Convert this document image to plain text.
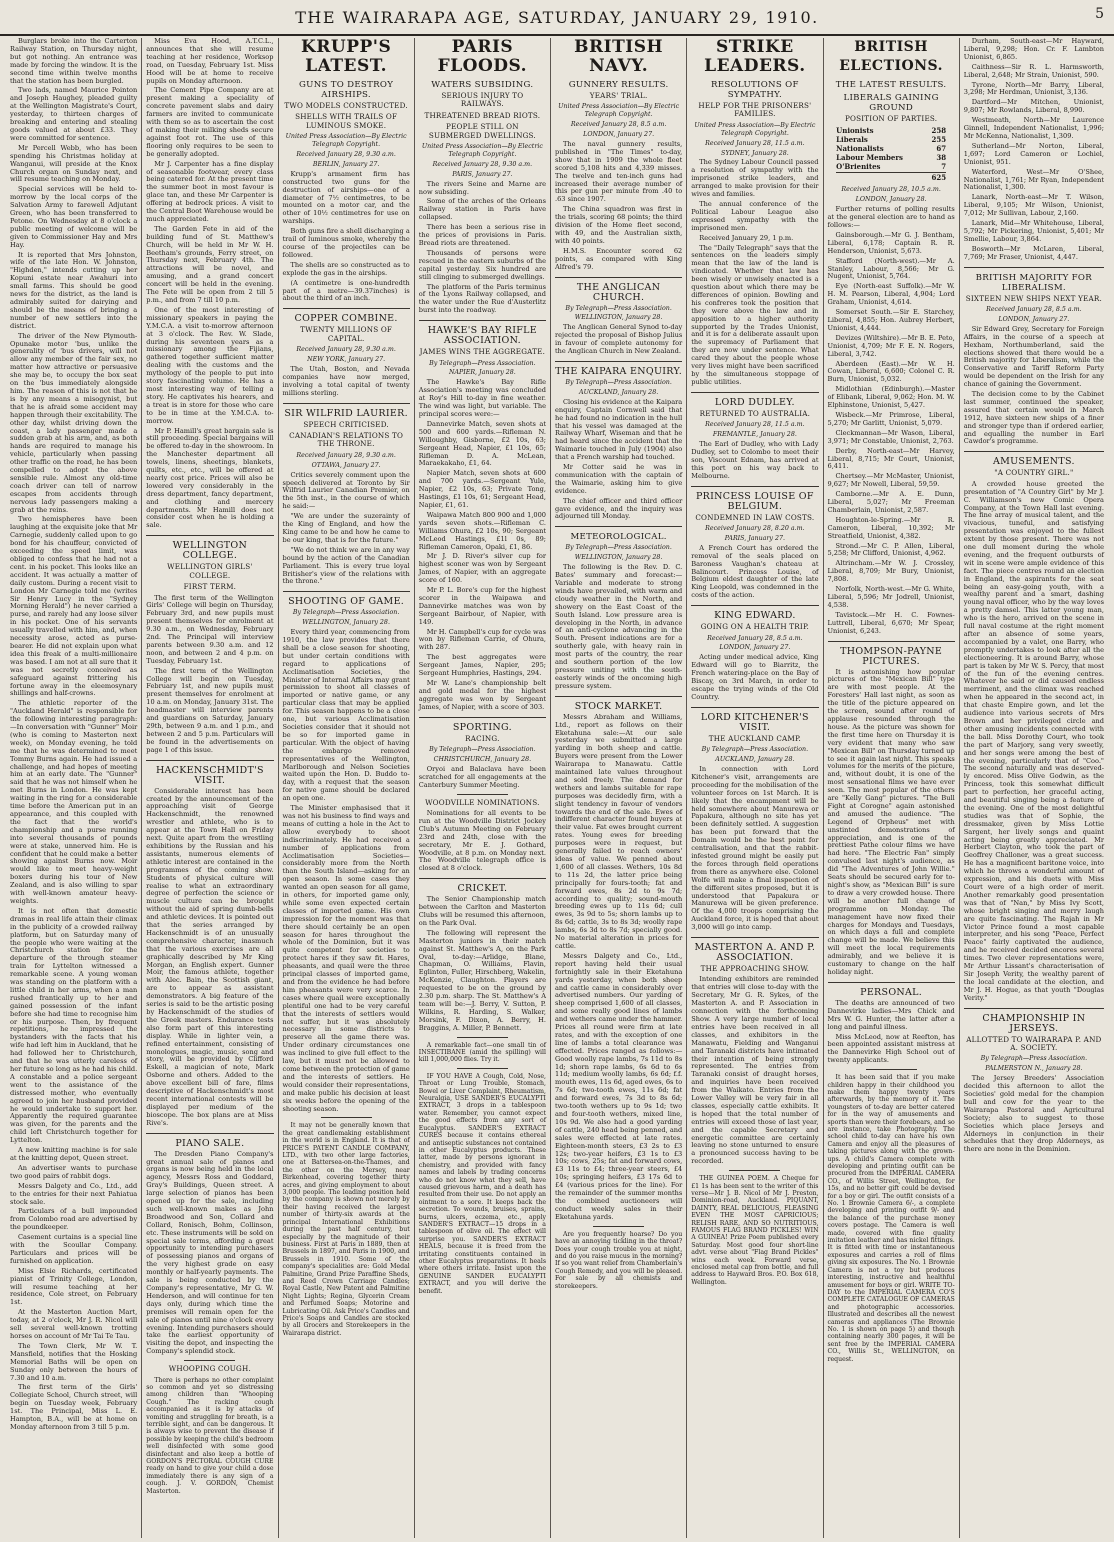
THE WAIRARAPA AGE, SATURDAY, JANUARY 29, 1910.	5

Burglars broke into the Carterton Railway Station, on Thursday night, but got nothing. An entrance was made by forcing the window. It is the second time within twelve months that the station has been burgled.

Two lads, named Maurice Pointon and Joseph Haughey, pleaded guilty at the Wellington Magistrate's Court, yesterday, to thirteen charges of breaking and entering and stealing goods valued at about £33. They were committed for sentence.

Mr Percell Webb, who has been spending his Christmas holiday at Wanganui, will preside at the Knox Church organ on Sunday next, and will resume teaching on Monday.

Special services will be held to-morrow by the local corps of the Salvation Army to farewell Adjutant Green, who has been transferred to Petone. On Wednesday at 8 o'clock a public meeting of welcome will be given to Commissioner Hay and Mrs Hay.

It is reported that Mrs Johnston, wife of the late Hon. W. Johnston, "Highden," intends cutting up her Kopuni estate near Awahuri into small farms. This should be good news for the district, as the land is admirably suited for dairying and should be the means of bringing a number of new settlers into the district.

The driver of the New Plymouth-Opunake motor 'bus, unlike the generality of 'bus drivers, will not allow any member of the fair sex, no matter how attractive or persuasive she may be, to occupy the box seat on the 'bus immediately alongside him. The reason of this is not that he is by any means a misogynist, but that he is afraid some accident may happen through their excitability. The other day, whilst driving down the coast, a lady passenger made a sudden grab at his arm, and, as both hands are required to manage his vehicle, particularly when passing other traffic on the road, he has been compelled to adopt the above sensible rule. Almost any old-time coach driver can tell of narrow escapes from accidents through nervous lady passengers making a grab at the reins.

Two hemispheres have been laughing at the exquisite joke that Mr Carnegie, suddenly called upon to go bond for his chauffeur, convicted of exceeding the speed limit, was obliged to confess that he had not a cent. in his pocket. This looks like an accident. It was actually a matter of daily custom. During a recent visit to London Mr Carnegie told me (writes Sir Henry Lucy in the "Sydney Morning Herald") he never carried a purse, and rarely had any loose silver in his pocket. One of his servants usually travelled with him, and, when necessity arose, acted as purse-bearer. He did not explain upon what idea this freak of a multi-millionaire was based. I am not at all sure that it was not secretly conceived as safeguard against frittering his fortune away in the eleemosynary shillings and half-crowns.

The athletic reporter of the "Auckland Herald" is responsible for the following interesting paragraph:—In conversation with "Gunner" Moir (who is coming to Masterton next week), on Monday evening, he told me that he was determined to meet Tommy Burns again. He had issued a challenge, and had hopes of meeting him at an early date. The "Gunner" said that he was not himself when he met Burns in London. He was kept waiting in the ring for a considerable time before the American put in an appearance, and this coupled with the fact that the world's championship and a purse running into several thousands of pounds were at stake, unnerved him. He is confident that he could make a better showing against Burns now. Moir would like to meet heavy-weight boxers during his tour of New Zealand, and is also willing to spar with well-known amateur heavy-weights.

It is not often that domestic dramas in real life attain their climax in the publicity of a crowded railway platform, but on Saturday many of the people who were waiting at the Christchurch station for the departure of the through steamer train for Lyttelton witnessed a remarkable scene. A young woman was standing on the platform with a little child in her arms, when a man rushed frantically up to her and gained possession of the infant before she had time to recognise him or his purpose. Then, by frequent repetitions, he impressed the bystanders with the facts that his wife had left him in Auckland, that he had followed her to Christchurch, and that he was utterly careless of her future so long as he had his child. A constable and a police sergeant went to the assistance of the distressed mother, who eventually agreed to join her husband provided he would undertake to support her. Apparently the required guarantee was given, for the parents and the child left Christchurch together for Lyttelton.

A new knitting machine is for sale at the knitting depot, Queen street.

An advertiser wants to purchase two good pairs of rabbit dogs.

Messrs Dalgety and Co., Ltd., add to the entries for their next Pahiatua stock sale.

Particulars of a bull impounded from Colombo road are advertised by the poundkeeper.

Casement curtains is a special line with the Scoullar Company. Particulars and prices will be furnished on application.

Miss Elsie Richards, certificated pianist of Trinity College, London, will resume teaching at her residence, Cole street, on February 1st.

At the Masterton Auction Mart, today, at 2 o'clock, Mr J. R. Nicol will sell several well-known trotting horses on account of Mr Tai Te Tau.

The Town Clerk, Mr W. T. Mansfield, notifies that the Hosking Memorial Baths will be open on Sunday only between the hours of 7.30 and 10 a.m.

The first term of the Girls' Collegiate School, Church street, will begin on Tuesday week, February 1st. The Principal, Miss L. E. Hampton, B.A., will be at home on Monday afternoon from 3 till 5 p.m.

Miss Eva Hood, A.T.C.L., announces that she will resume teaching at her residence, Worksop road, on Tuesday, February 1st. Miss Hood will be at home to receive pupils on Monday afternoon.

The Cement Pipe Company are at present making a speciality of concrete pavement slabs and dairy farmers are invited to communicate with them so as to ascertain the cost of making their milking sheds secure against foot rot. The use of this flooring only requires to be seen to be generally adopted.

Mr J. Carpenter has a fine display of seasonable footwear, every class being catered for. At the present time the summer boot in most favour is glace tan, and these Mr Carpenter is offering at bedrock prices. A visit to the Central Boot Warehouse would be much appreciated.

The Garden Fete in aid of the building fund of St. Matthew's Church, will be held in Mr W. H. Beetham's grounds, Ferry street, on Thursday next, February 4th. The attractions will be novel, and amusing, and a grand concert concert will be held in the evening. The Fete will be open from 2 till 5 p.m., and from 7 till 10 p.m.

One of the most interesting of missionary speakers in paying the Y.M.C.A. a visit to-morrow afternoon at 3 o'clock. The Rev. W. Slade, during his seventeen years as a missionary among the Fijians, gathered together sufficient matter dealing with the customs and the mythology of the people to put into story fascinating volume. He has a most interesting way of telling a story. He captivates his hearers, and a treat is in store for those who care to be in time at the Y.M.C.A. to-morrow.

Mr P. Hamill's great bargain sale is still proceeding. Special bargains will be offered to-day in the showroom. In the Manchester department all towels, linens, sheetings, blankets, quilts, etc., etc., will be offered at nearly cost price. Prices will also be lowered very considerably in the dress department, fancy department, and clothing and mercery departments. Mr Hamill does not consider cost when he is holding a sale.

WELLINGTON COLLEGE.
WELLINGTON GIRLS' COLLEGE.
FIRST TERM.

The first term of the Wellington Girls' College will begin on Thursday, February 3rd, and new pupils must present themselves for enrolment at 9.30 a.m., on Wednesday, February 2nd. The Principal will interview parents between 9.30 a.m. and 12 noon, and between 2 and 4 p.m. on Tuesday, February 1st.

The first term of the Wellington College will begin on Tuesday, February 1st, and new pupils must present themselves for enrolment at 10 a.m. on Monday, January 31st. The headmaster will interview parents and guardians on Saturday, January 29th, between 9 a.m. and 1 p.m., and between 2 and 5 p.m. Particulars will be found in the advertisements on page 1 of this issue.

HACKENSCHMIDT'S VISIT.

Considerable interest has been created by the announcement of the approaching visit of George Hackenschmidt, the renowned wrestler and athlete, who is to appear at the Town Hall on Friday next. Quite apart from the wrestling exhibitions by the Russian and his assistants, numerous elements of athletic interest are contained in the programmes of the coming show. Students of physical culture will realise to what an extraordinary degree of perfection the science or muscle culture can be brought without the aid of spring dumb-bells and athletic devices. It is pointed out that the series arranged by Hackenschmidt is of an unusually comprehensive character, inasmuch that the various exercises are all graphically described by Mr King Morgan, an English expert. Gunner Moir, the famous athlete, together with Alec. Bain, the Scottish giant, are to appear as assistant demonstrators. A big feature of the series is said to be the artistic posing by Hackenschmidt of the studies of the Greek masters. Endurance tests also form part of this interesting display. While in lighter vein, a refined entertainment, consisting of monologues, magic, music, song and story, will be provided by Clifford Eskell, a magician of note, Mark Osborne and others. Added to the above excellent bill of fare, films descriptive of Hackenschmidt's most recent international contests will be displayed per medium of the bioscope. The box plans are at Miss Rive's.

PIANO SALE.

The Dresden Piano Company's great annual sale of pianos and organs is now being held in the local agency, Messrs Ross and Goddard, Gray's Buildings, Queen street. A large selection of pianos has been opened up for the sale, including such well-known makes as John Broadwood and Son, Collard and Collard, Ronisch, Bohm, Collinson, etc. These instruments will be sold on special sale terms, affording a great opportunity to intending purchasers of possessing pianos and organs of the very highest grade on easy monthly or half-yearly payments. The sale is being conducted by the Company's representative, Mr G. W. Henderson, and will continue for ten days only, during which time the premises will remain open for the sale of pianos until nine o'clock every evening. Intending purchasers should take the earliest opportunity of visiting the depot, and inspecting the Company's splendid stock.

WHOOPING COUGH.

There is perhaps no other complaint so common and yet so distressing among children than "Whooping Cough." The racking cough accompanied as it is by attacks of vomiting and struggling for breath, is a terrible sight, and can be dangerous. It is always wise to prevent the disease if possible by keeping the child's bedroom well disinfected with some good disinfectant and also keep a bottle of GORDON'S PECTORAL COUGH CURE ready on hand to give your child a dose immediately there is any sign of a cough. J. V. GORDON, Chemist Masterton.

KRUPP'S LATEST.
GUNS TO DESTROY AIRSHIPS.
TWO MODELS CONSTRUCTED.
SHELLS WITH TRAILS OF LUMINOUS SMOKE.

United Press Association—By Electric Telegraph Copyright.

Received January 28, 9.30 a.m.

BERLIN, January 27.

Krupp's armament firm has constructed two guns for the destruction of airships—one of a diameter of 7½ centimetres, to be mounted on a motor car, and the other of 10½ centimetres for use on warships.

Both guns fire a shell discharging a trail of luminous smoke, whereby the course of the projectiles can be followed.

The shells are so constructed as to explode the gas in the airships.

(A centimetre is one-hundredth part of a metre—39.37inches) is about the third of an inch.

COPPER COMBINE.
TWENTY MILLIONS OF CAPITAL.

Received January 28, 9.30 a.m.

NEW YORK, January 27.

The Utah, Boston, and Nevada companies have now merged, involving a total capital of twenty millions sterling.

SIR WILFRID LAURIER.
SPEECH CRITICISED.
CANADIAN'S RELATIONS TO THE THRONE.

Received January 28, 9.30 a.m.

OTTAWA, January 27.

Critics severely comment upon the speech delivered at Toronto by Sir Wilfrid Laurier Canadian Premier, on the 5th inst., in the course of which he said:—

"We are under the suzerainty of the King of England, and how the King came to be and how he came to be our king, that is for the future."

"We do not think we are in any way bound by the action of the Canadian Parliament. This is every true loyal Britisher's view of the relations with the throne."

SHOOTING OF GAME.

By Telegraph—Press Association.

WELLINGTON, January 28.

Every third year, commencing from 1910, the law provides that there shall be a close season for shooting, but under certain conditions with regard to applications of Acclimatisation Societies, the Minister of Internal Affairs may grant permission to shoot all classes of imported or native game, or any particular class that may be applied for. This season happens to be a close one, but various Acclimatisation Societies consider that it should not be so for imported game in particular. With the object of having the embargo removed representatives of the Wellington, Marlborough and Nelson Societies waited upon the Hon. D. Buddo to-day, with a request that the season for native game should be declared an open one.

The Minister emphasised that it was not his business to find ways and means of cutting a hole in the Act to allow everybody to shoot indiscriminately. He had received a number of applications from Acclimatisation Societies—considerably more from the North than the South Island—asking for an open season. In some cases they wanted an open season for all game, in others, for imported game only, while some even expected certain classes of imported game. His own impression for the moment was that there should certainly be an open season for hares throughout the whole of the Dominion, but it was quite competent for societies to protect hares if they saw fit. Hares, pheasants, and quail were the three principal classes of imported game, and from the evidence he had before him pheasants were very scarce. In cases where quail were exceptionally plentiful one had to be very careful that the interests of settlers would not suffer, but it was absolutely necessary in some districts to preserve all the game there was. Under ordinary circumstances one was inclined to give full effect to the law, but it must not be allowed to come between the protection of game and the interests of settlers. He would consider their representations, and make public his decision at least six weeks before the opening of the shooting season.

It may not be generally known that the great candlemaking establishment in the world is in England. It is that of PRICE'S PATENT CANDLE COMPANY, LTD., with two other large factories, one at Battersea-on-the-Thames, and the other on the Mersey, near Birkenhead, covering together thirty acres, and giving employment to about 3,000 people. The leading position held by the company is shown not merely by their having received the largest number of thirty-six awards at the principal International Exhibitions during the past half century, but especially by the magnitude of their business. First at Paris in 1889, then at Brussels in 1897, and Paris in 1900, and Brussels in 1910. Some of the company's specialities are: Gold Medal Palmitine, Grand Prize Paraffine Sheds, and Reed Crown Carriage Candles; Royal Castle, New Patent and Palmitine Night Lights; Regina, Glycerin Cream and Perfumed Soaps; Motorine and Lubricating Oil. Ask Price's Candles and Price's Soaps and Candles are stocked by all Grocers and Storekeepers in the Wairarapa district.

PARIS FLOODS.
WATERS SUBSIDING.
SERIOUS INJURY TO RAILWAYS.
THREATENED BREAD RIOTS.
PEOPLE STILL ON SUBMERGED DWELLINGS.

United Press Association—By Electric Telegraph Copyright.

Received January 28, 9.30 a.m.

PARIS, January 27.

The rivers Seine and Marne are now subsiding.

Some of the arches of the Orleans Railway station in Paris have collapsed.

There has been a serious rise in the prices of provisions in Paris. Bread riots are threatened.

Thousands of persons were rescued in the eastern suburbs of the capital yesterday. Six hundred are still clinging to submerged dwellings.

The platform of the Paris terminus of the Lyons Railway collapsed, and the water under the Rue d'Austerlitz burst into the roadway.

HAWKE'S BAY RIFLE ASSOCIATION.
JAMES WINS THE AGGREGATE.

By Telegraph—Press Association.

NAPIER, January 28.

The Hawke's Bay Rifle Association's meeting was concluded at Roy's Hill to-day in fine weather. The wind was light, but variable. The principal scores were:—

Dannevirke Match, seven shots at 500 and 600 yards.—Rifleman N. Willoughby, Gisborne, £2 10s, 63; Sergeant Head, Napier, £1 10s, 65; Rifleman D. A. McLean, Maraekakaho, £1, 64.

Napier Match, seven shots at 600 and 700 yards.—Sergeant Yule, Napier, £2 10s, 63; Private Tong, Hastings, £1 10s, 61; Sergeant Head, Napier, £1, 61.

Waipawa Match 800 900 and 1,000 yards seven shots.—Rifleman C. Williams Ohura, £2 10s, 90; Sergeant McLeod Hastings, £1l 0s, 89; Rifleman Cameron, Opaki, £1, 86.

Mr J. D. River's silver cup for highest sconer was won by Sergeant James, of Napier, with an aggregate score of 160.

Mr P. L. Bore's cup for the highest scorer in the Waipawa and Dannevirke matches was won by Sergeant Bairbour, of Napier, with 149.

Mr H. Campbell's cup for cycle was won by Rifleman Carrie, of Ohura, with 287.

The best aggregates were Sergeant James, Napier, 295; Sergeant Humphries, Hastings, 294.

Mr W. Lane's championship belt and gold medal for the highest aggregate was won by Sergeant James, of Napier, with a score of 303.

SPORTING.
RACING.

By Telegraph—Press Association.

CHRISTCHURCH, January 28.

Oryoi and Balaclava have been scratched for all engagements at the Canterbury Summer Meeting.

WOODVILLE NOMINATIONS.

Nominations for all events to be run at the Woodville District Jockey Club's Autumn Meeting on February 23rd and 24th, close with the secretary, Mr E. J. Gothard, Woodville, at 8 p.m. on Monday next. The Woodville telegraph office is closed at 8 o'clock.

CRICKET.

The Senior Championship match between the Carlton and Masterton Clubs will be resumed this afternoon, on the Park Oval.

The following will represent the Masterton juniors in their match against St. Matthew's A, on the Park Oval, to-day:—Arlidge, Blane, Chapman, O. Williams, Flavin, Eglinton, Fuller, Hirschberg, Wakelin, McKenzie, Claughton. Players are requested to be on the ground by 2.30 p.m. sharp. The St. Matthew's A team will be:—J. Berry, V. Sutton, P. Wilkins, R. Harding, S. Walker, Morsink, F. Dixon, A. Berry, H. Braggins, A. Miller, P. Bennett.

A remarkable fact—one small tin of INSECTIBANE (amid the spilling) will kill 1,000,000 flies. Try it.

IF YOU HAVE A Cough, Cold, Nose, Throat or Lung Trouble, Stomach, Bowel or Liver Complaint, Rheumatism, Neuralgia, USE SANDER'S EUCALYPTI EXTRACT, 3 drops in a tablespoon water. Remember, you cannot expect the good effects from any sort of Eucalyptus. SANDER'S EXTRACT CURES because it contains ethereal and antiseptic substances not contained in other Eucalyptus products. These latter, made by persons ignorant in chemistry, and provided with fancy names and labels by trading concerns who do not know what they sell, have caused grievous harm, and a death has resulted from their use. Do not apply an ointment to a sore. It keeps back the secretion. To wounds, bruises, sprains, burns, ulcers, eczema, etc., apply SANDER'S EXTRACT—15 drops in a tablespoon of olive oil. The effect will surprise you. SANDER'S EXTRACT HEALS, because it is freed from the irritating constituents contained in other Eucalyptus preparations. It heals where others irritate. Insist upon the GENUINE SANDER EUCALYPTI EXTRACT, and you will derive the benefit.

BRITISH NAVY.
GUNNERY RESULTS.
YEARS' TRIAL.

United Press Association—By Electric Telegraph Copyright.

Received January 28, 8.5 a.m.

LONDON, January 27.

The naval gunnery results, published in "The Times" to-day, show that in 1909 the whole fleet scored 5,108 hits and 4,339 misses. The twelve and ten-inch guns had increased their average number of this per gun per minute from .40 to .63 since 1907.

The China squadron was first in the trials, scoring 68 points; the third division of the Home fleet second, with 49, and the Australian sixth, with 40 points.

H.M.S. Encounter scored 62 points, as compared with King Alfred's 79.

THE ANGLICAN CHURCH.

By Telegraph—Press Association.

WELLINGTON, January 28.

The Anglican General Synod to-day rejected the proposal of Bishop Julius in favour of complete autonomy for the Anglican Church in New Zealand.

THE KAIPARA ENQUIRY.

By Telegraph—Press Association.

AUCKLAND, January 28.

Closing his evidence at the Kaipara enquiry, Captain Cornwell said that he had found no indication in the hull that his vessel was damaged at the Railway Wharf, Wiseman and that he had heard since the accident that the Waimarie touched in July (1904) also that a French warship had touched.

Mr Cotter said he was in communication with the captain of the Waimarie, asking him to give evidence.

The chief officer and third officer gave evidence, and the inquiry was adjourned till Monday.

METEOROLOGICAL.

By Telegraph—Press Association.

WELLINGTON, January 28.

The following is the Rev. D. C. Bates' summary and forecast:—Variable and moderate to strong winds have prevailed, with warm and cloudy weather in the North, and showery on the East Coast of the South Island. Low pressure area is developing in the North, in advance of an anti-cyclone advancing in the South. Present indications are for a southerly gale, with heavy rain in most parts of the country, the rear and southern portion of the low pressure uniting with the south-easterly winds of the oncoming high pressure system.

STOCK MARKET.

Messrs Abraham and Williams, Ltd., report as follows on their Eketahuna sale:—At our sale yesterday we submitted a large yarding in both sheep and cattle. Buyers were present from the Lower Wairarapa to Manawatu. Cattle maintained late values throughout and sold freely. The demand for wethers and lambs suitable for rape purposes was decidedly firm, with a slight tendency in favour of vendors towards the end of the sale. Ewes of indifferent character found buyers at their value. Fat ewes brought current rates. Young ewes for breeding purposes were in request, but generally failed to reach owners' ideas of value. We penned about 1,600 of all classes. Wethers, 10s 8d to 11s 2d, the latter price being principally for fours-tooth; fat and forward ewes, 8s 2d to 9s 7d; according to quality; sound-mouth breeding ewes up to 11s 6d; cull ewes, 3s 9d to 5s; shorn lambs up to 8s 6d; cattle, 3s to 8s 3d; woolly rape lambs, 6s 3d to 8s 7d; specially good. No material alteration in prices for cattle.

Messrs Dalgety and Co., Ltd., report having held their usual fortnightly sale in their Eketahuna yards yesterday, when both sheep and cattle came in considerably over advertised numbers. Our yarding of sheep comprised 1,600 of all classes, and some really good lines of lambs and wethers came under the hammer. Prices all round were firm at late rates, and with the exception of one line of lambs a total clearance was effected. Prices ranged as follows:—Good woolly rape lambs, 7s 11d to 8s 1d; shorn rape lambs, 6s 6d to 6s 11d; medium woolly lambs, 6s 6d; f.f. mouth ewes, 11s 6d, aged ewes, 6s to 7s 6d; two-tooth ewes, 11s 6d; fat and forward ewes, 7s 3d to 8s 6d; two-tooth wethers up to 9s 1d; two and four-tooth wethers, mixed line, 10s 9d. We also had a good yarding of cattle, 240 head being penned, and sales were effected at late rates. Eighteen-month steers, £3 2s to £3 12s; two-year heifers, £3 1s to £3 10s; cows, 25s; fat and forward cows, £3 11s to £4; three-year steers, £4 10s; springing heifers, £3 17s 6d to £4 (various prices for the line). For the remainder of the summer months the combined auctioneers will conduct weekly sales in their Eketahuna yards.

Are you frequently hoarse? Do you have an annoying tickling in the throat? Does your cough trouble you at night, and do you raise mucus in the morning? If so you want relief from Chamberlain's Cough Remedy, and you will be pleased. For sale by all chemists and storekeepers.

STRIKE LEADERS.
RESOLUTIONS OF SYMPATHY.
HELP FOR THE PRISONERS' FAMILIES.

United Press Association—By Electric Telegraph Copyright.

Received January 28, 11.5 a.m.

SYDNEY, January 28.

The Sydney Labour Council passed a resolution of sympathy with the imprisoned strike leaders, and arranged to make provision for their wives and families.

The annual conference of the Political Labour League also expressed sympathy with the imprisoned men.

Received January 29, 1 p.m.

The "Daily Telegraph" says that the sentences on the leaders simply mean that the law of the land is vindicated. Whether that law has been wisely or unwisely enacted is a question about which there may be differences of opinion. Bowling and his confreres took the position that they were above the law and in apposition to a higher authority supported by the Trades Unionist, and it is for a deliberate assault upon the supremacy of Parliament that they are now under sentence. What cared they about the people whose very lives might have been sacrificed by the simultaneous stoppage of public utilities.

LORD DUDLEY.
RETURNED TO AUSTRALIA.

Received January 28, 11.5 a.m.

FREMANTLE, January 28.

The Earl of Dudley, who with Lady Dudley, set to Colombo to meet their son, Viscount Ednam, has arrived at this port on his way back to Melbourne.

PRINCESS LOUISE OF BELGIUM.
CONDEMNED IN LAW COSTS.

Received January 28, 8.20 a.m.

PARIS, January 27.

A French Court has ordered the removal of the seals placed on Baroness Vaughan's chateau at Balincourt. Princess Louise, of Belgium eldest daughter of the late King Leopold, was condemned in the costs of the action.

KING EDWARD.
GOING ON A HEALTH TRIP.

Received January 28, 8.5 a.m.

LONDON, January 27.

Acting under medical advice, King Edward will go to Biarritz, the French watering-place on the Bay of Biscay, on 3rd March, in order to escape the trying winds of the Old Country.

LORD KITCHENER'S VISIT.
THE AUCKLAND CAMP.

By Telegraph—Press Association.

AUCKLAND, January 28.

In connection with Lord Kitchener's visit, arrangements are proceeding for the mobilisation of the volunteer forces on 1st March. It is likely that the encampment will be held somewhere about Manurewa or Papakura, although no site has yet been definitely settled. A suggestion has been put forward that the Domain would be the best point for centralisation, and that the rabbit-infested ground might be easily put the forces through field operations from there as anywhere else. Colonel Wolfe will make a final inspection of the different sites proposed, but it is understood that Papakura or Manurewa will be given preference. Of the 4,000 troops comprising the Auckland force, it is hoped that about 3,000 will go into camp.

MASTERTON A. AND P. ASSOCIATION.
THE APPROACHING SHOW.

Intending exhibitors are reminded that entries will close to-day with the Secretary, Mr G. R. Sykes, of the Masterton A. and P. Association in connection with the forthcoming Show. A very large number of local entries have been received in all classes, and exhibitors in the Manawatu, Fielding and Wanganui and Taranaki districts have intimated their intention of being strongly represented. The entries from Taranaki consist of draught horses, and inquiries have been received from the Waikato. Entries from the Lower Valley will be very fair in all classes, especially cattle exhibits. It is hoped that the total number of entries will exceed those of last year, and the capable Secretary and energetic committee are certainly leaving no stone unturned to ensure a pronounced success having to be recorded.

THE GUINEA POEM. A Cheque for £1 1s has been sent to the writer of this verse—Mr J. B. Nicol of Mr J. Preston, Dominion-road, Auckland. PIQUANT, DAINTY, REAL DELICIOUS, FLEASING EVEN THE MOST CAPRICIOUS; RELISH RARE, AND SO NUTRITIOUS, FAMOUS FLAG BRAND PICKLES! WIN A GUINEA! Prize Poem published every Saturday. Most good four short-line advt. verse about "Flag Brand Pickles" wins each week. Forward verse, enclosed metal cap from bottle, and full address to Hayward Bros. P.O. Box 618, Wellington.

BRITISH ELECTIONS.
THE LATEST RESULTS.
LIBERALS GAINING GROUND
POSITION OF PARTIES.
Unionists	258
Liberals	255
Nationalists	67
Labour Members	38
O'Brienites	7
625

Received January 28, 10.5 a.m.

LONDON, January 28.

Further returns of polling results at the general election are to hand as follows:—

Gainsborough.—Mr G. J. Bentham, Liberal, 6,178; Captain R. R. Henderson, Unionist, 5,673.

Stafford (North-west).—Mr A. Stanley, Labour, 8,566; Mr G. Nugent, Unionist, 5,764.

Eye (North-east Suffolk).—Mr W. H. M. Pearson, Liberal, 4,904; Lord Graham, Unionist, 4,614.

Somerset South.—Sir E. Starchey, Liberal, 4,855; Hon. Aubrey Herbert, Unionist, 4,444.

Devizes (Wiltshire).—Mr B. E. Peto, Unionist, 4,709; Mr F. E. N. Rogers, Liberal, 3,742.

Aberdeen (East).—Mr W. H. Cowan, Liberal, 6,600; Colonel C. R. Burn, Unionist, 5,032.

Midlothian (Edinburgh).—Master of Elibank, Liberal, 9,062; Hon. M. W. Elphinstone, Unionist, 5,427.

Wisbeck.—Mr Primrose, Liberal, 5,270; Mr Garlitt, Unionist, 5,079.

Cleckmannan—Mr Wason, Liberal, 3,971; Mr Constable, Unionist, 2,763.

Derby, North-east—Mr Harvey, Liberal, 8,715; Mr Court, Unionist, 6,411.

Chertsey.—Mr McMaster, Unionist, 9,627; Mr Nowell, Liberal, 59,59.

Camborne.—Mr A. E. Dunn, Liberal, 5,027; Mr Freeman Chamberlain, Unionist, 2,587.

Houghton-le-Spring.—Mr R. Cameron, Liberal, 10,392; Mr Streatfield, Unionist, 4,382.

Strond.—Mr C. P. Allen, Liberal, 5,258; Mr Clifford, Unionist, 4,962.

Altrincham.—Mr W. J. Crossley, Liberal, 8,709; Mr Bury, Unionist, 7,808.

Norfolk, North-west.—Mr G. White, Liberal, 5,596; Mr Jodrell, Unionist, 4,538.

Tavistock.—Mr H. C. Fownes-Luttrell, Liberal, 6,670; Mr Spear, Unionist, 6,243.

THOMPSON-PAYNE PICTURES.

It is astonishing how popular pictures of the "Mexican Bill" type are with most people. At the Foresters' Hall last night, as soon as the title of the picture appeared on the screen, sound after round of applause resounded through the house. As the picture was shown for the first time here on Thursday it is very evident that many who saw "Mexican Bill" on Thursday turned up to see it again last night. This speaks volumes for the merits of the picture, and, without doubt, it is one of the most sensational films we have ever seen. The most popular of the others are "Kelly Gang" pictures. "The Bull Fight at Corogne" again astonished and amused the audience. "The Legend of Orpheus" met with unstinted demonstrations of appreciation, and is one of the prettiest Pathe colour films we have had here. "The Electric Fan" simply convulsed last night's audience, as did "The Adventures of John Willie." Seats should be secured early for to-night's show, as "Mexican Bill" is sure to draw a very crowded house. There will be another full change of programme on Monday. The management have now fixed their charges for Mondays and Tuesdays, on which days a full and complete change will be made. We believe this will meet the local requirements admirably, and we believe it is customary to change on the half holiday night.

PERSONAL.

The deaths are announced of two Dannevirke ladies—Mrs Chick and Mrs W. G. Hunter, the latter after a long and painful illness.

Miss McLeod, now at Reefton, has been appointed assistant mistress at the Dannevirke High School out of twenty applicants.

It has been said that if you make children happy in their childhood you make them happy twenty years afterwards, by the memory of it. The youngsters of to-day are better catered for in the way of amusements and sports than were their forebears, and so are instance, take Photography. The school child to-day can have his own Camera and enjoy all the pleasures of taking pictures along with the grown-ups. A child's Camera complete with developing and printing outfit can be procured from the IMPERIAL CAMERA CO., of Willis Street, Wellington, for 15s, and no better gift could be devised for a boy or girl. The outfit consists of a No. 1 Brownie Camera 6/-, a complete developing and printing outfit 9/- and the balance of the purchase money covers postage. The Camera is well made, covered with fine quality imitation leather and has nickel fittings. It is fitted with time or instantaneous exposures and carries a roll of films giving six exposures. The No. 1 Brownie Camera is not a toy but produces interesting, instructive and healthful amusement for boys or girl. WRITE TO-DAY to the IMPERIAL CAMERA CO'S COMPLETE CATALOGUE OF CAMERAS and photographic accessories. Illustrated and describes all the newest cameras and appliances (The Brownie No. 1 is shown on page 5) and though containing nearly 300 pages, it will be sent free by the IMPERIAL CAMERA CO., Willis St., WELLINGTON, on request.

Durham, South-east—Mr Hayward, Liberal, 9,298; Hon. Cr. F. Lambton Unionist, 6,865.

Caithness—Sir R. L. Harmsworth, Liberal, 2,648; Mr Strain, Unionist, 590.

Tyrone, North—Mr Barry, Liberal, 3,298; Mr Herdman, Unionist, 3,136.

Dartford—Mr Mitchen, Unionist, 9,807; Mr Rowlands, Liberal, 8,990.

Westmeath, North—Mr Laurence Ginnell, Independent Nationalist, 1,996; Mr McKenna, Nationalist, 1,309.

Sutherland—Mr Norton, Liberal, 1,697; Lord Cameron or Lochiel, Unionist, 951.

Waterford, West—Mr O'Shee, Nationalist, 1,761; Mr Ryan, Independent Nationalist, 1,300.

Lanark, North-east—Mr T. Wilson, Liberal, 9,105; Mr Wilson, Unionist, 7,012; Mr Sullivan, Labour, 2,160.

Lanark, Mid—Mr Whitehouse, Liberal, 5,792; Mr Pickering, Unionist, 5,401; Mr Smellie, Labour, 3,864.

Bosworth—Mr McLaren, Liberal, 7,769; Mr Fraser, Unionist, 4,447.

BRITISH MAJORITY FOR LIBERALISM.
SIXTEEN NEW SHIPS NEXT YEAR.

Received January 28, 8.5 a.m.

LONDON, January 27.

Sir Edward Grey, Secretary for Foreign Affairs, in the course of a speech at Hexham, Northumberland, said the elections showed that there would be a British majority for Liberalism, while the Conservative and Tariff Reform Party would be dependent on the Irish for any chance of gaining the Government.

The decision come to by the Cabinet last summer, continued the speaker, assured that certain would in March 1912, have sixteen new ships of a finer and stronger type than if ordered earlier, and equalling the number in Earl Cawdor's programme.

AMUSEMENTS.
"A COUNTRY GIRL."

A crowded house greeted the presentation of "A Country Girl" by Mr J. C. Williamson's new Comic Opera Company, at the Town Hall last evening. The fine array of musical talent, and the vivacious, tuneful, and satisfying presentation was enjoyed to the fullest extent by those present. There was not one dull moment during the whole evening, and the frequent outbursts of wit in scene were ample evidence of this fact. The piece centres round an election in England, the aspirants for the seat being an easy-going youth, with a wealthy parent and a smart, dashing young naval officer, who by the way loves a pretty damsel. This latter young man, who is the hero, arrived on the scene in full naval costume at the right moment after an absence of some years, accompanied by a valet, one Barry, who promptly undertakes to look after all the electioneering. It is around Barry, whose part is taken by Mr W. S. Percy, that most of the fun of the evening centres. Whatever he said or did caused endless merriment, and the climax was reached when he appeared in the second act, in that chaste Empire gown, and let the audience into various secrets of Mrs Brown and her privileged circle and other amusing incidents connected with the ball. Miss Dorothy Court, who took the part of Marjory, sang very sweetly, and her songs were among the best of the evening, particularly that of "Coo." The second naturally and was deserved-ly encored. Miss Olive Godwin, as the Princess, took this somewhat difficult part to perfection, her graceful acting, and beautiful singing being a feature of the evening. One of the most delightful studies was that of Sophie, the dressmaker, given by Miss Lottie Sargent, her lively songs and quaint acting being greatly appreciated. Mr Herbert Clayton, who took the part of Geoffrey Challoner, was a great success. He has a magnificent baritone voice, into which he throws a wonderful amount of expression, and his duets with Miss Court were of a high order of merit. Another remarkably good presentation was that of "Nan," by Miss Ivy Scott, whose bright singing and merry laugh are quite fascinating. The Rajah in Mr Victor Prince found a most capable interpreter, and his song "Peace, Perfect Peace" fairly captivated the audience, and he received decided encores several times. Two clever representations were, Mr Arthur Lissant's characterisation of Sir Joseph Verity, the wealthy parent of the local candidate at the election, and Mr J. H. Hogue, as that youth "Douglas Verity."

CHAMPIONSHIP IN JERSEYS.
ALLOTTED TO WAIRARAPA P. AND A. SOCIETY.

By Telegraph—Press Association.

PALMERSTON N., January 28.

The Jersey Breeders' Association decided this afternoon to allot the Societies' gold medal for the champion bull and cow for the year to the Wairarapa Pastoral and Agricultural Society; also to suggest to those Societies which place Jerseys and Alderneys in conjunction in their schedules that they drop Alderneys, as there are none in the Dominion.
